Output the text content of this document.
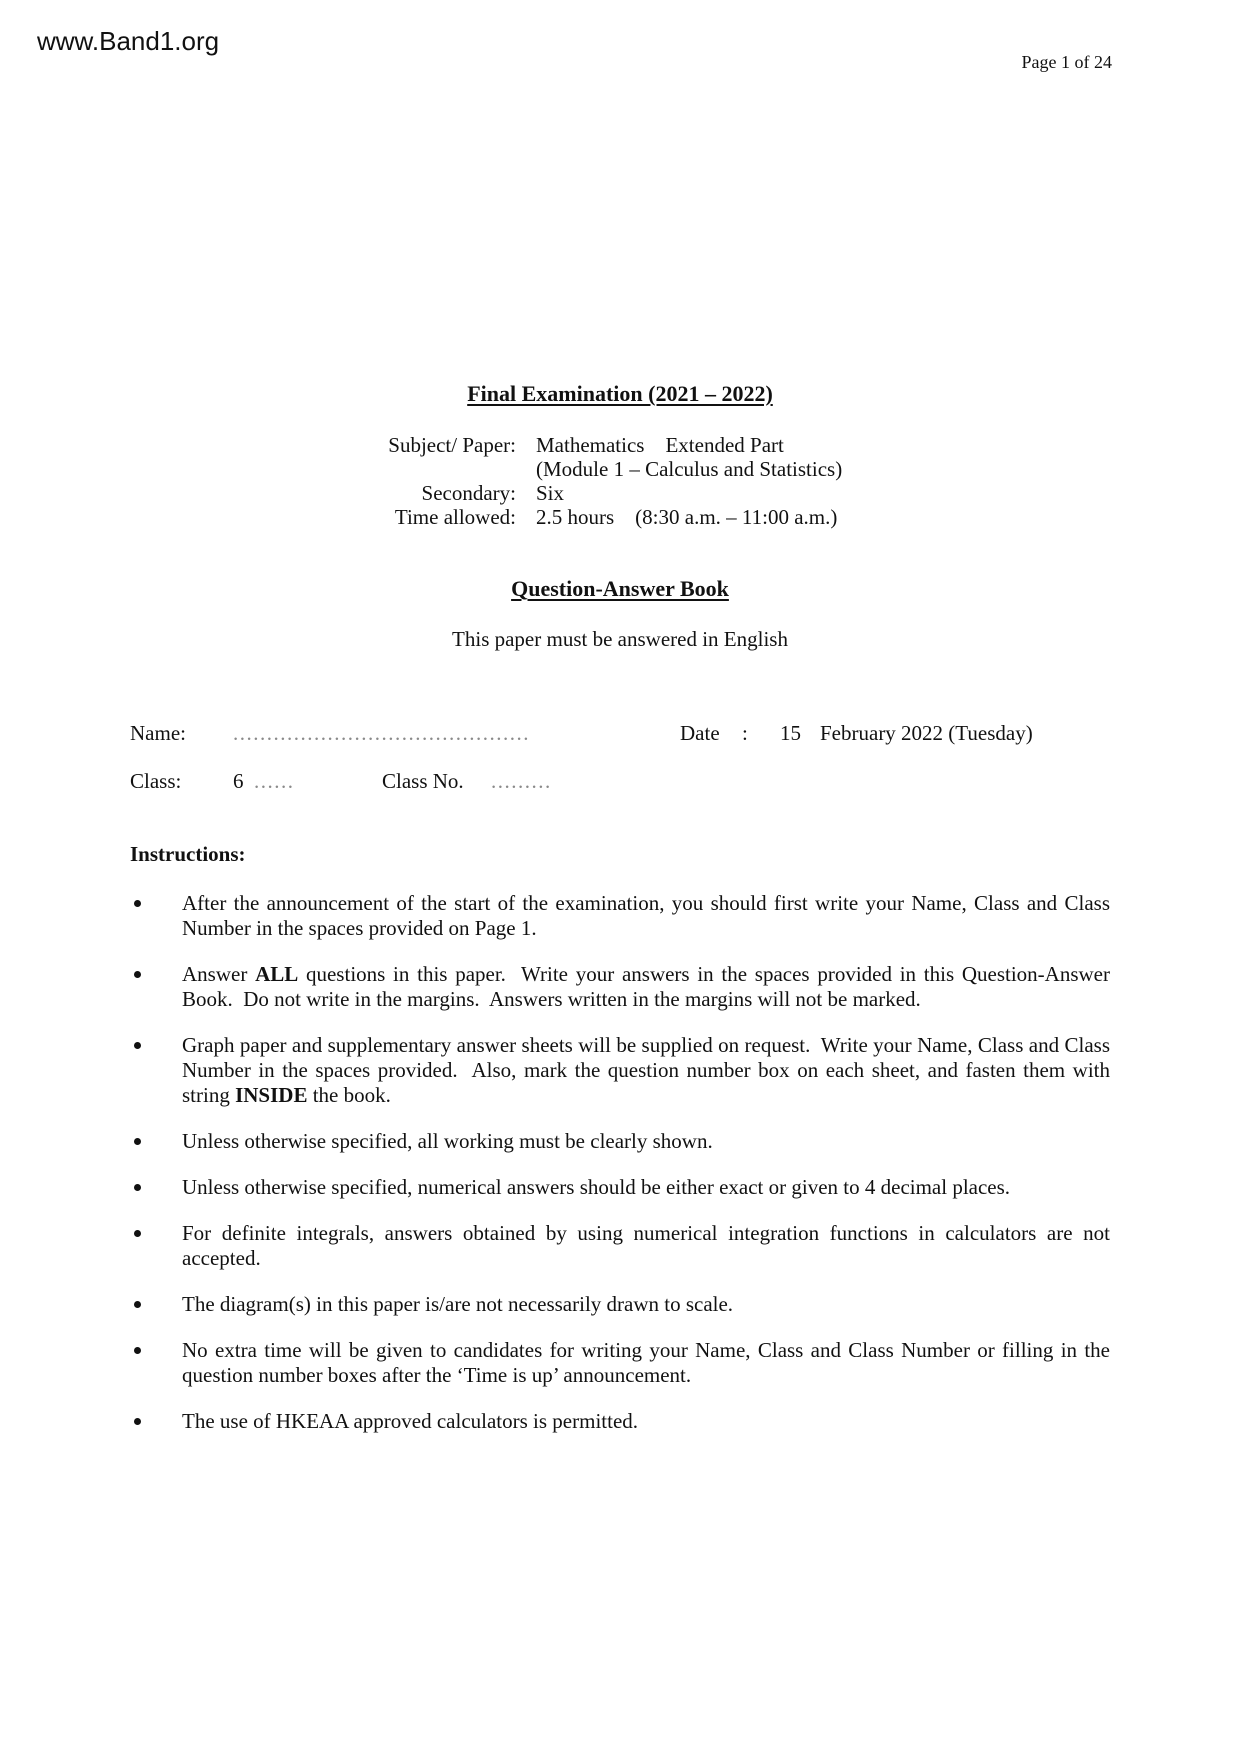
www.Band1.org
Page 1 of 24
Final Examination (2021 – 2022)
Subject/ Paper: Mathematics    Extended Part
(Module 1 – Calculus and Statistics)
Secondary: Six
Time allowed: 2.5 hours    (8:30 a.m. – 11:00 a.m.)
Question-Answer Book

This paper must be answered in English

Name: ............................................	Date : 15 February 2022 (Tuesday)
Class: 6 ......	Class No. .........
Instructions:
After the announcement of the start of the examination, you should first write your Name, Class and Class Number in the spaces provided on Page 1.
Answer ALL questions in this paper.  Write your answers in the spaces provided in this Question-Answer Book.  Do not write in the margins.  Answers written in the margins will not be marked.
Graph paper and supplementary answer sheets will be supplied on request.  Write your Name, Class and Class Number in the spaces provided.  Also, mark the question number box on each sheet, and fasten them with string INSIDE the book.
Unless otherwise specified, all working must be clearly shown.
Unless otherwise specified, numerical answers should be either exact or given to 4 decimal places.
For definite integrals, answers obtained by using numerical integration functions in calculators are not accepted.
The diagram(s) in this paper is/are not necessarily drawn to scale.
No extra time will be given to candidates for writing your Name, Class and Class Number or filling in the question number boxes after the ‘Time is up’ announcement.
The use of HKEAA approved calculators is permitted.
